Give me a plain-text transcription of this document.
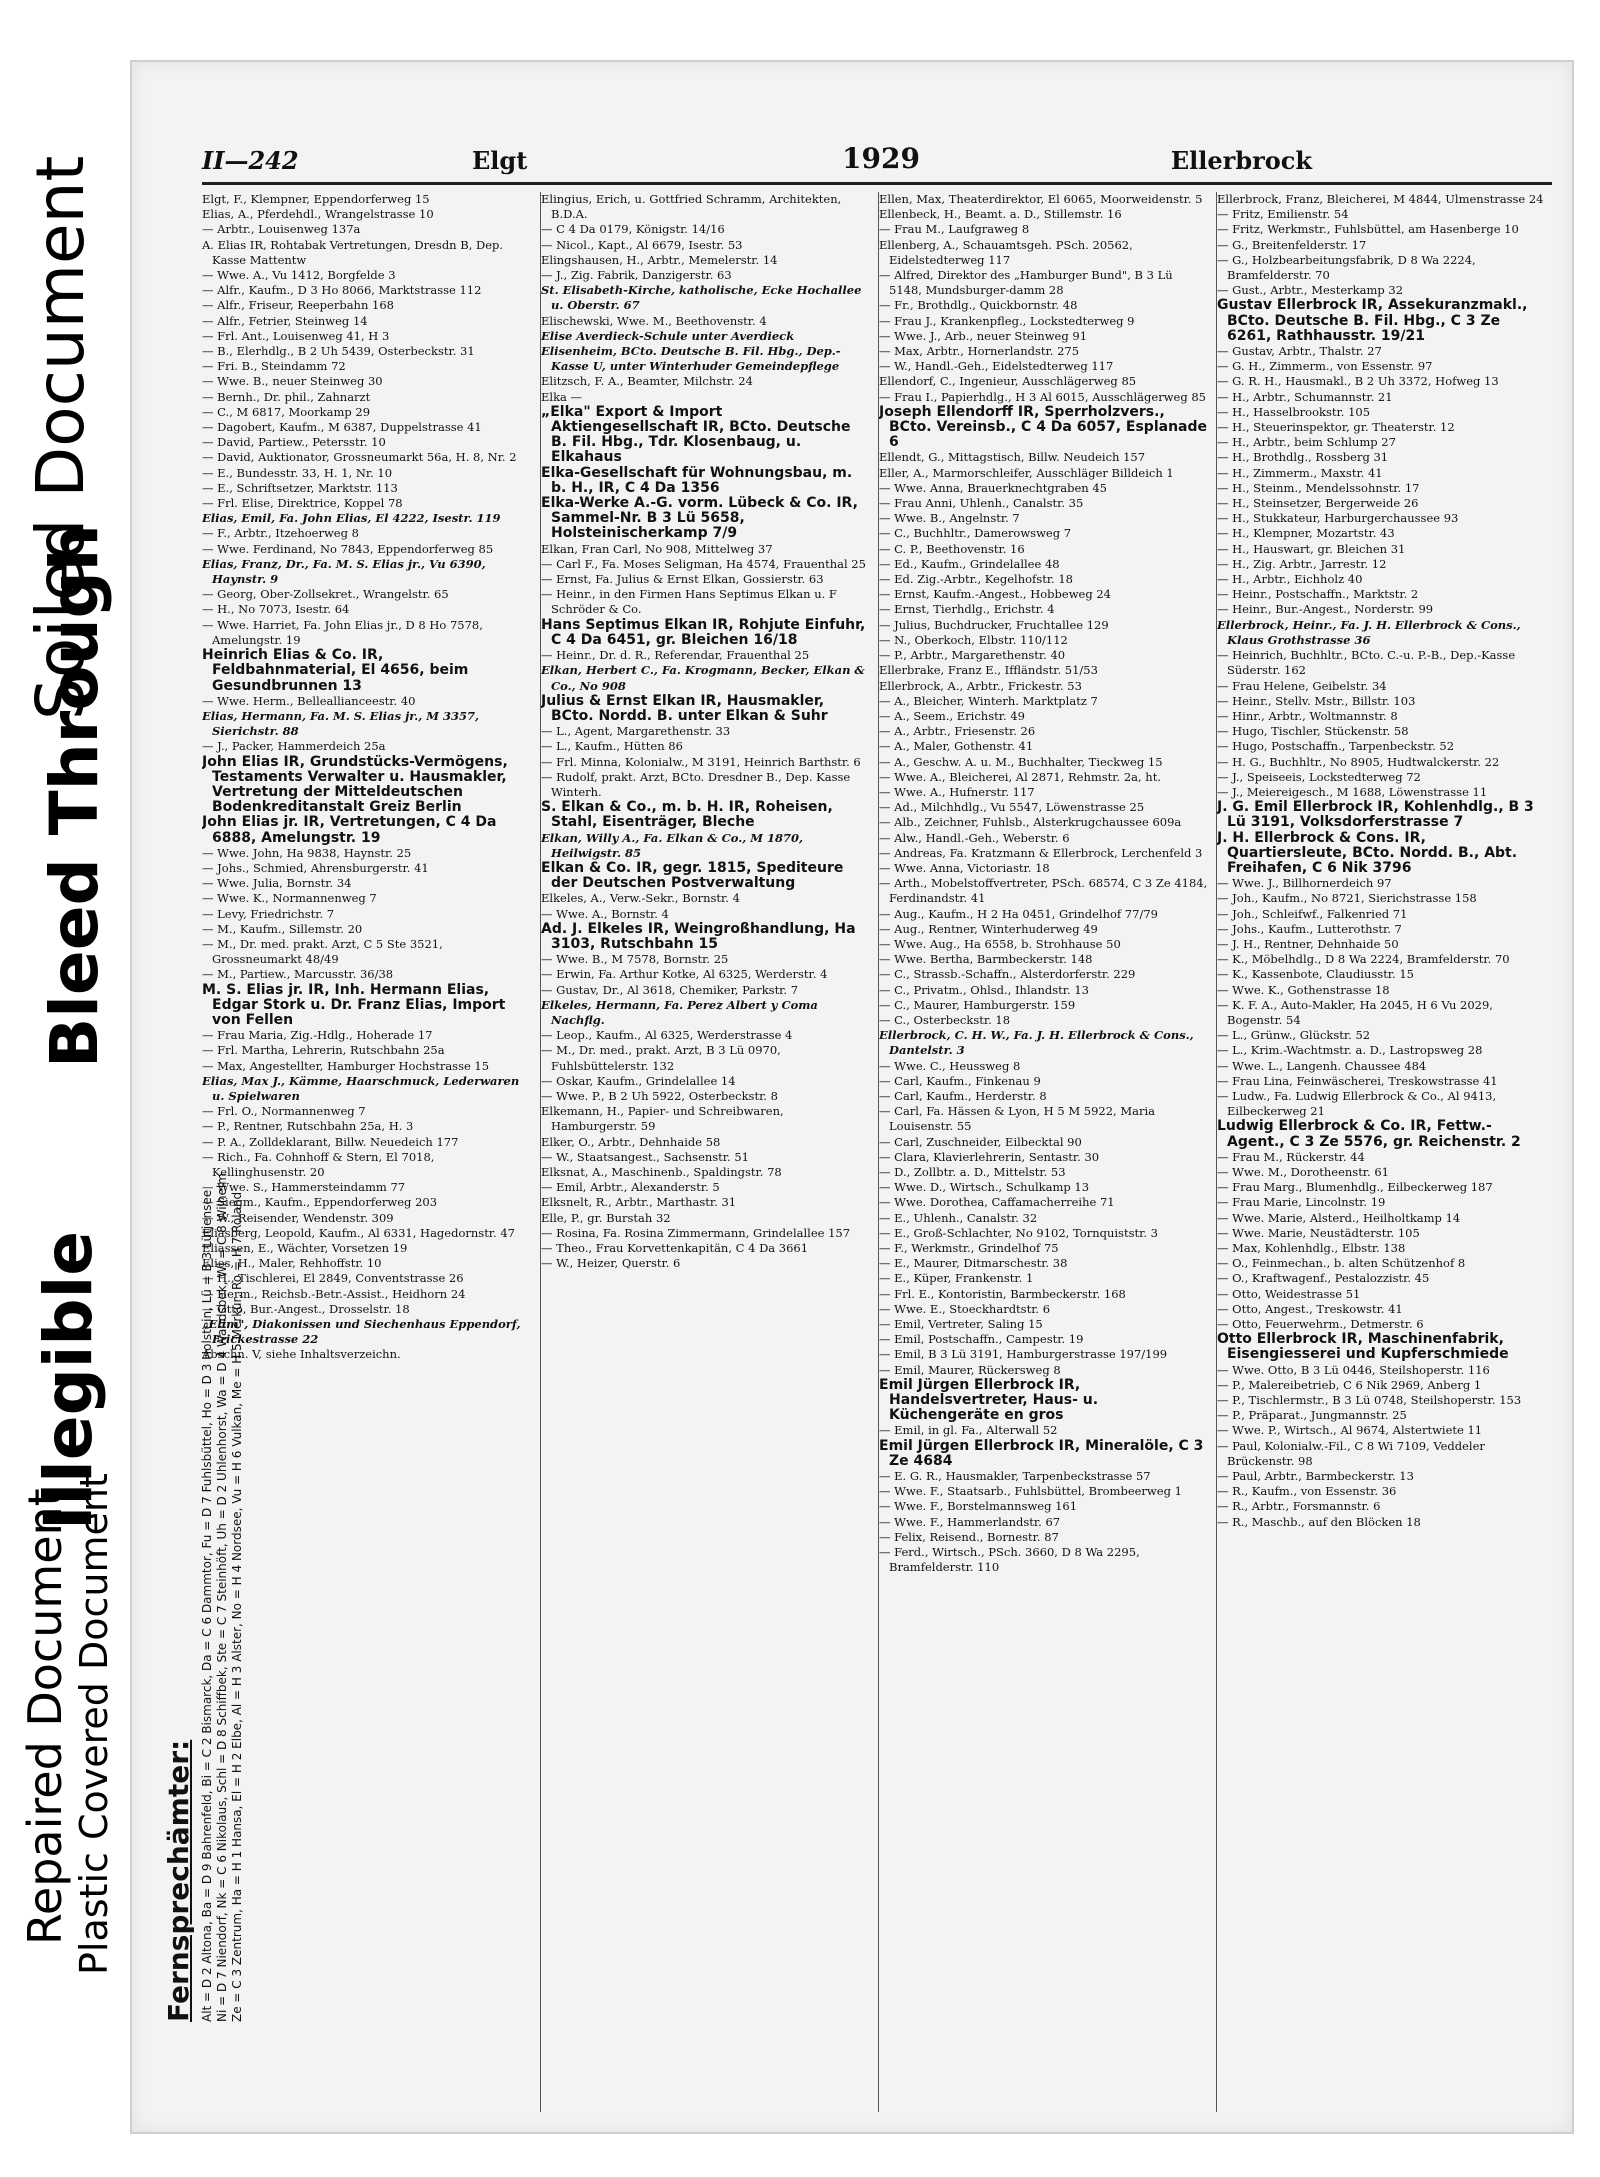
Repaired Document Plastic Covered Document
Illegible
Bleed Through
Soiled Document	II—242	Elgt	1929	Ellerbrock
Fernsprechämter: Alt = D 2 Altona, Ba = D 9 Bahrenfeld, Bi = C 2 Bismarck, Da = C 6 Dammtor, Fu = D 7 Fuhlsbüttel, Ho = D 3 Holstein, Lü = B 3 Lütjensee Ni = D 7 Niendorf, Nk = C 6 Nikolaus, Schl = D 8 Schiffbek, Ste = C 7 Steinhöft, Uh = D 2 Uhlenhorst, Wa = D 4 Wandsbek, Wi = C 8 Wilhelm Ze = C 3 Zentrum, Ha = H 1 Hansa, El = H 2 Elbe, Al = H 3 Alster, No = H 4 Nordsee, Vu = H 6 Vulkan, Me = H 5 Merkur, Ro = H 7 Roland

Elgt, F., Klempner, Eppendorferweg 15

Elias, A., Pferdehdl., Wrangelstrasse 10

— Arbtr., Louisenweg 137a

A. Elias IR, Rohtabak Vertretungen, Dresdn B, Dep. Kasse Mattentw

— Wwe. A., Vu 1412, Borgfelde 3

— Alfr., Kaufm., D 3 Ho 8066, Marktstrasse 112

— Alfr., Friseur, Reeperbahn 168

— Alfr., Fetrier, Steinweg 14

— Frl. Ant., Louisenweg 41, H 3

— B., Elerhdlg., B 2 Uh 5439, Osterbeckstr. 31

— Fri. B., Steindamm 72

— Wwe. B., neuer Steinweg 30

— Bernh., Dr. phil., Zahnarzt

— C., M 6817, Moorkamp 29

— Dagobert, Kaufm., M 6387, Duppelstrasse 41

— David, Partiew., Petersstr. 10

— David, Auktionator, Grossneumarkt 56a, H. 8, Nr. 2

— E., Bundesstr. 33, H. 1, Nr. 10

— E., Schriftsetzer, Marktstr. 113

— Frl. Elise, Direktrice, Koppel 78

Elias, Emil, Fa. John Elias, El 4222, Isestr. 119

— F., Arbtr., Itzehoerweg 8

— Wwe. Ferdinand, No 7843, Eppendorferweg 85

Elias, Franz, Dr., Fa. M. S. Elias jr., Vu 6390, Haynstr. 9

— Georg, Ober-Zollsekret., Wrangelstr. 65

— H., No 7073, Isestr. 64

— Wwe. Harriet, Fa. John Elias jr., D 8 Ho 7578, Amelungstr. 19

Heinrich Elias & Co. IR, Feldbahnmaterial, El 4656, beim Gesundbrunnen 13

— Wwe. Herm., Belleallianceestr. 40

Elias, Hermann, Fa. M. S. Elias jr., M 3357, Sierichstr. 88

— J., Packer, Hammerdeich 25a

John Elias IR, Grundstücks-Vermögens, Testaments Verwalter u. Hausmakler, Vertretung der Mitteldeutschen Bodenkreditanstalt Greiz Berlin

John Elias jr. IR, Vertretungen, C 4 Da 6888, Amelungstr. 19

— Wwe. John, Ha 9838, Haynstr. 25

— Johs., Schmied, Ahrensburgerstr. 41

— Wwe. Julia, Bornstr. 34

— Wwe. K., Normannenweg 7

— Levy, Friedrichstr. 7

— M., Kaufm., Sillemstr. 20

— M., Dr. med. prakt. Arzt, C 5 Ste 3521, Grossneumarkt 48/49

— M., Partiew., Marcusstr. 36/38

M. S. Elias jr. IR, Inh. Hermann Elias, Edgar Stork u. Dr. Franz Elias, Import von Fellen

— Frau Maria, Zig.-Hdlg., Hoherade 17

— Frl. Martha, Lehrerin, Rutschbahn 25a

— Max, Angestellter, Hamburger Hochstrasse 15

Elias, Max J., Kämme, Haarschmuck, Lederwaren u. Spielwaren

— Frl. O., Normannenweg 7

— P., Rentner, Rutschbahn 25a, H. 3

— P. A., Zolldeklarant, Billw. Neuedeich 177

— Rich., Fa. Cohnhoff & Stern, El 7018, Kellinghusenstr. 20

— Wwe. S., Hammersteindamm 77

— Siegm., Kaufm., Eppendorferweg 203

— W., Reisender, Wendenstr. 309

Eliasberg, Leopold, Kaufm., Al 6331, Hagedornstr. 47

Eliassen, E., Wächter, Vorsetzen 19

Elies, H., Maler, Rehhoffstr. 10

— H., Tischlerei, El 2849, Conventstrasse 26

— Herm., Reichsb.-Betr.-Assist., Heidhorn 24

— Otto, Bur.-Angest., Drosselstr. 18

„Elim", Diakonissen und Siechenhaus Eppendorf, Frickestrasse 22

Abschn. V, siehe Inhaltsverzeichn.

Elingius, Erich, u. Gottfried Schramm, Architekten, B.D.A.

— C 4 Da 0179, Königstr. 14/16

— Nicol., Kapt., Al 6679, Isestr. 53

Elingshausen, H., Arbtr., Memelerstr. 14

— J., Zig. Fabrik, Danzigerstr. 63

St. Elisabeth-Kirche, katholische, Ecke Hochallee u. Oberstr. 67

Elischewski, Wwe. M., Beethovenstr. 4

Elise Averdieck-Schule unter Averdieck

Elisenheim, BCto. Deutsche B. Fil. Hbg., Dep.-Kasse U, unter Winterhuder Gemeindepflege

Elitzsch, F. A., Beamter, Milchstr. 24

Elka —

„Elka" Export & Import Aktiengesellschaft IR, BCto. Deutsche B. Fil. Hbg., Tdr. Klosenbaug, u. Elkahaus

Elka-Gesellschaft für Wohnungsbau, m. b. H., IR, C 4 Da 1356

Elka-Werke A.-G. vorm. Lübeck & Co. IR, Sammel-Nr. B 3 Lü 5658, Holsteinischerkamp 7/9

Elkan, Fran Carl, No 908, Mittelweg 37

— Carl F., Fa. Moses Seligman, Ha 4574, Frauenthal 25

— Ernst, Fa. Julius & Ernst Elkan, Gossierstr. 63

— Heinr., in den Firmen Hans Septimus Elkan u. F Schröder & Co.

Hans Septimus Elkan IR, Rohjute Einfuhr, C 4 Da 6451, gr. Bleichen 16/18

— Heinr., Dr. d. R., Referendar, Frauenthal 25

Elkan, Herbert C., Fa. Krogmann, Becker, Elkan & Co., No 908

Julius & Ernst Elkan IR, Hausmakler, BCto. Nordd. B. unter Elkan & Suhr

— L., Agent, Margarethenstr. 33

— L., Kaufm., Hütten 86

— Frl. Minna, Kolonialw., M 3191, Heinrich Barthstr. 6

— Rudolf, prakt. Arzt, BCto. Dresdner B., Dep. Kasse Winterh.

S. Elkan & Co., m. b. H. IR, Roheisen, Stahl, Eisenträger, Bleche

Elkan, Willy A., Fa. Elkan & Co., M 1870, Heilwigstr. 85

Elkan & Co. IR, gegr. 1815, Spediteure der Deutschen Postverwaltung

Elkeles, A., Verw.-Sekr., Bornstr. 4

— Wwe. A., Bornstr. 4

Ad. J. Elkeles IR, Weingroßhandlung, Ha 3103, Rutschbahn 15

— Wwe. B., M 7578, Bornstr. 25

— Erwin, Fa. Arthur Kotke, Al 6325, Werderstr. 4

— Gustav, Dr., Al 3618, Chemiker, Parkstr. 7

Elkeles, Hermann, Fa. Perez Albert y Coma Nachflg.

— Leop., Kaufm., Al 6325, Werderstrasse 4

— M., Dr. med., prakt. Arzt, B 3 Lü 0970, Fuhlsbüttelerstr. 132

— Oskar, Kaufm., Grindelallee 14

— Wwe. P., B 2 Uh 5922, Osterbeckstr. 8

Elkemann, H., Papier- und Schreibwaren, Hamburgerstr. 59

Elker, O., Arbtr., Dehnhaide 58

— W., Staatsangest., Sachsenstr. 51

Elksnat, A., Maschinenb., Spaldingstr. 78

— Emil, Arbtr., Alexanderstr. 5

Elksnelt, R., Arbtr., Marthastr. 31

Elle, P., gr. Burstah 32

— Rosina, Fa. Rosina Zimmermann, Grindelallee 157

— Theo., Frau Korvettenkapitän, C 4 Da 3661

— W., Heizer, Querstr. 6

Ellen, Max, Theaterdirektor, El 6065, Moorweidenstr. 5

Ellenbeck, H., Beamt. a. D., Stillemstr. 16

— Frau M., Laufgraweg 8

Ellenberg, A., Schauamtsgeh. PSch. 20562, Eidelstedterweg 117

— Alfred, Direktor des „Hamburger Bund", B 3 Lü 5148, Mundsburger-damm 28

— Fr., Brothdlg., Quickbornstr. 48

— Frau J., Krankenpfleg., Lockstedterweg 9

— Wwe. J., Arb., neuer Steinweg 91

— Max, Arbtr., Hornerlandstr. 275

— W., Handl.-Geh., Eidelstedterweg 117

Ellendorf, C., Ingenieur, Ausschlägerweg 85

— Frau I., Papierhdlg., H 3 Al 6015, Ausschlägerweg 85

Joseph Ellendorff IR, Sperrholzvers., BCto. Vereinsb., C 4 Da 6057, Esplanade 6

Ellendt, G., Mittagstisch, Billw. Neudeich 157

Eller, A., Marmorschleifer, Ausschläger Billdeich 1

— Wwe. Anna, Brauerknechtgraben 45

— Frau Anni, Uhlenh., Canalstr. 35

— Wwe. B., Angelnstr. 7

— C., Buchhltr., Damerowsweg 7

— C. P., Beethovenstr. 16

— Ed., Kaufm., Grindelallee 48

— Ed. Zig.-Arbtr., Kegelhofstr. 18

— Ernst, Kaufm.-Angest., Hobbeweg 24

— Ernst, Tierhdlg., Erichstr. 4

— Julius, Buchdrucker, Fruchtallee 129

— N., Oberkoch, Elbstr. 110/112

— P., Arbtr., Margarethenstr. 40

Ellerbrake, Franz E., Iffländstr. 51/53

Ellerbrock, A., Arbtr., Frickestr. 53

— A., Bleicher, Winterh. Marktplatz 7

— A., Seem., Erichstr. 49

— A., Arbtr., Friesenstr. 26

— A., Maler, Gothenstr. 41

— A., Geschw. A. u. M., Buchhalter, Tieckweg 15

— Wwe. A., Bleicherei, Al 2871, Rehmstr. 2a, ht.

— Wwe. A., Hufnerstr. 117

— Ad., Milchhdlg., Vu 5547, Löwenstrasse 25

— Alb., Zeichner, Fuhlsb., Alsterkrugchaussee 609a

— Alw., Handl.-Geh., Weberstr. 6

— Andreas, Fa. Kratzmann & Ellerbrock, Lerchenfeld 3

— Wwe. Anna, Victoriastr. 18

— Arth., Mobelstoffvertreter, PSch. 68574, C 3 Ze 4184, Ferdinandstr. 41

— Aug., Kaufm., H 2 Ha 0451, Grindelhof 77/79

— Aug., Rentner, Winterhuderweg 49

— Wwe. Aug., Ha 6558, b. Strohhause 50

— Wwe. Bertha, Barmbeckerstr. 148

— C., Strassb.-Schaffn., Alsterdorferstr. 229

— C., Privatm., Ohlsd., Ihlandstr. 13

— C., Maurer, Hamburgerstr. 159

— C., Osterbeckstr. 18

Ellerbrock, C. H. W., Fa. J. H. Ellerbrock & Cons., Dantelstr. 3

— Wwe. C., Heussweg 8

— Carl, Kaufm., Finkenau 9

— Carl, Kaufm., Herderstr. 8

— Carl, Fa. Hässen & Lyon, H 5 M 5922, Maria Louisenstr. 55

— Carl, Zuschneider, Eilbecktal 90

— Clara, Klavierlehrerin, Sentastr. 30

— D., Zollbtr. a. D., Mittelstr. 53

— Wwe. D., Wirtsch., Schulkamp 13

— Wwe. Dorothea, Caffamacherreihe 71

— E., Uhlenh., Canalstr. 32

— E., Groß-Schlachter, No 9102, Tornquiststr. 3

— F., Werkmstr., Grindelhof 75

— E., Maurer, Ditmarschestr. 38

— E., Küper, Frankenstr. 1

— Frl. E., Kontoristin, Barmbeckerstr. 168

— Wwe. E., Stoeckhardtstr. 6

— Emil, Vertreter, Saling 15

— Emil, Postschaffn., Campestr. 19

— Emil, B 3 Lü 3191, Hamburgerstrasse 197/199

— Emil, Maurer, Rückersweg 8

Emil Jürgen Ellerbrock IR, Handelsvertreter, Haus- u. Küchengeräte en gros

— Emil, in gl. Fa., Alterwall 52

Emil Jürgen Ellerbrock IR, Mineralöle, C 3 Ze 4684

— E. G. R., Hausmakler, Tarpenbeckstrasse 57

— Wwe. F., Staatsarb., Fuhlsbüttel, Brombeerweg 1

— Wwe. F., Borstelmannsweg 161

— Wwe. F., Hammerlandstr. 67

— Felix, Reisend., Bornestr. 87

— Ferd., Wirtsch., PSch. 3660, D 8 Wa 2295, Bramfelderstr. 110

Ellerbrock, Franz, Bleicherei, M 4844, Ulmenstrasse 24

— Fritz, Emilienstr. 54

— Fritz, Werkmstr., Fuhlsbüttel, am Hasenberge 10

— G., Breitenfelderstr. 17

— G., Holzbearbeitungsfabrik, D 8 Wa 2224, Bramfelderstr. 70

— Gust., Arbtr., Mesterkamp 32

Gustav Ellerbrock IR, Assekuranzmakl., BCto. Deutsche B. Fil. Hbg., C 3 Ze 6261, Rathhausstr. 19/21

— Gustav, Arbtr., Thalstr. 27

— G. H., Zimmerm., von Essenstr. 97

— G. R. H., Hausmakl., B 2 Uh 3372, Hofweg 13

— H., Arbtr., Schumannstr. 21

— H., Hasselbrookstr. 105

— H., Steuerinspektor, gr. Theaterstr. 12

— H., Arbtr., beim Schlump 27

— H., Brothdlg., Rossberg 31

— H., Zimmerm., Maxstr. 41

— H., Steinm., Mendelssohnstr. 17

— H., Steinsetzer, Bergerweide 26

— H., Stukkateur, Harburgerchaussee 93

— H., Klempner, Mozartstr. 43

— H., Hauswart, gr. Bleichen 31

— H., Zig. Arbtr., Jarrestr. 12

— H., Arbtr., Eichholz 40

— Heinr., Postschaffn., Marktstr. 2

— Heinr., Bur.-Angest., Norderstr. 99

Ellerbrock, Heinr., Fa. J. H. Ellerbrock & Cons., Klaus Grothstrasse 36

— Heinrich, Buchhltr., BCto. C.-u. P.-B., Dep.-Kasse Süderstr. 162

— Frau Helene, Geibelstr. 34

— Heinr., Stellv. Mstr., Billstr. 103

— Hinr., Arbtr., Woltmannstr. 8

— Hugo, Tischler, Stückenstr. 58

— Hugo, Postschaffn., Tarpenbeckstr. 52

— H. G., Buchhltr., No 8905, Hudtwalckerstr. 22

— J., Speiseeis, Lockstedterweg 72

— J., Meiereigesch., M 1688, Löwenstrasse 11

J. G. Emil Ellerbrock IR, Kohlenhdlg., B 3 Lü 3191, Volksdorferstrasse 7

J. H. Ellerbrock & Cons. IR, Quartiersleute, BCto. Nordd. B., Abt. Freihafen, C 6 Nik 3796

— Wwe. J., Billhornerdeich 97

— Joh., Kaufm., No 8721, Sierichstrasse 158

— Joh., Schleifwf., Falkenried 71

— Johs., Kaufm., Lutterothstr. 7

— J. H., Rentner, Dehnhaide 50

— K., Möbelhdlg., D 8 Wa 2224, Bramfelderstr. 70

— K., Kassenbote, Claudiusstr. 15

— Wwe. K., Gothenstrasse 18

— K. F. A., Auto-Makler, Ha 2045, H 6 Vu 2029, Bogenstr. 54

— L., Grünw., Glückstr. 52

— L., Krim.-Wachtmstr. a. D., Lastropsweg 28

— Wwe. L., Langenh. Chaussee 484

— Frau Lina, Feinwäscherei, Treskowstrasse 41

— Ludw., Fa. Ludwig Ellerbrock & Co., Al 9413, Eilbeckerweg 21

Ludwig Ellerbrock & Co. IR, Fettw.-Agent., C 3 Ze 5576, gr. Reichenstr. 2

— Frau M., Rückerstr. 44

— Wwe. M., Dorotheenstr. 61

— Frau Marg., Blumenhdlg., Eilbeckerweg 187

— Frau Marie, Lincolnstr. 19

— Wwe. Marie, Alsterd., Heilholtkamp 14

— Wwe. Marie, Neustädterstr. 105

— Max, Kohlenhdlg., Elbstr. 138

— O., Feinmechan., b. alten Schützenhof 8

— O., Kraftwagenf., Pestalozzistr. 45

— Otto, Weidestrasse 51

— Otto, Angest., Treskowstr. 41

— Otto, Feuerwehrm., Detmerstr. 6

Otto Ellerbrock IR, Maschinenfabrik, Eisengiesserei und Kupferschmiede

— Wwe. Otto, B 3 Lü 0446, Steilshoperstr. 116

— P., Malereibetrieb, C 6 Nik 2969, Anberg 1

— P., Tischlermstr., B 3 Lü 0748, Steilshoperstr. 153

— P., Präparat., Jungmannstr. 25

— Wwe. P., Wirtsch., Al 9674, Alstertwiete 11

— Paul, Kolonialw.-Fil., C 8 Wi 7109, Veddeler Brückenstr. 98

— Paul, Arbtr., Barmbeckerstr. 13

— R., Kaufm., von Essenstr. 36

— R., Arbtr., Forsmannstr. 6

— R., Maschb., auf den Blöcken 18
